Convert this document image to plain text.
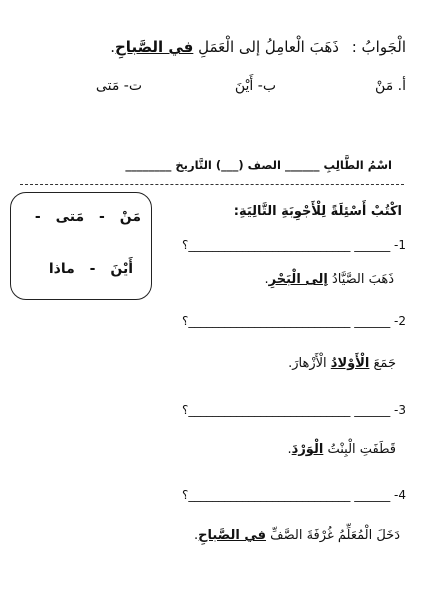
الْجَوابُ : ذَهَبَ الْعامِلُ إلى الْعَمَلِ في الصَّباحِ.
أ. مَنْ
ب- أَيْنَ
ت- مَتى
اسْمُ الطَّالِبِ ______ الصف (___) التَّاريخ ________
اكْتُبْ أَسْئِلَةً لِلْأَجْوِبَةِ التَّالِيَةِ:
مَنْ - مَتى -
أَيْنَ - ماذا
1- ______ ___________________________؟
ذَهَبَ الصَّيَّادُ إلى الْبَحْرِ.
2- ______ ___________________________؟
جَمَعَ الْأَوْلادُ الْأَزْهارَ.
3- ______ ___________________________؟
قَطَفَتِ الْبِنْتُ الْوَرْدَ.
4- ______ ___________________________؟
دَخَلَ الْمُعَلِّمُ غُرْفَةَ الصَّفِّ في الصَّباحِ.
